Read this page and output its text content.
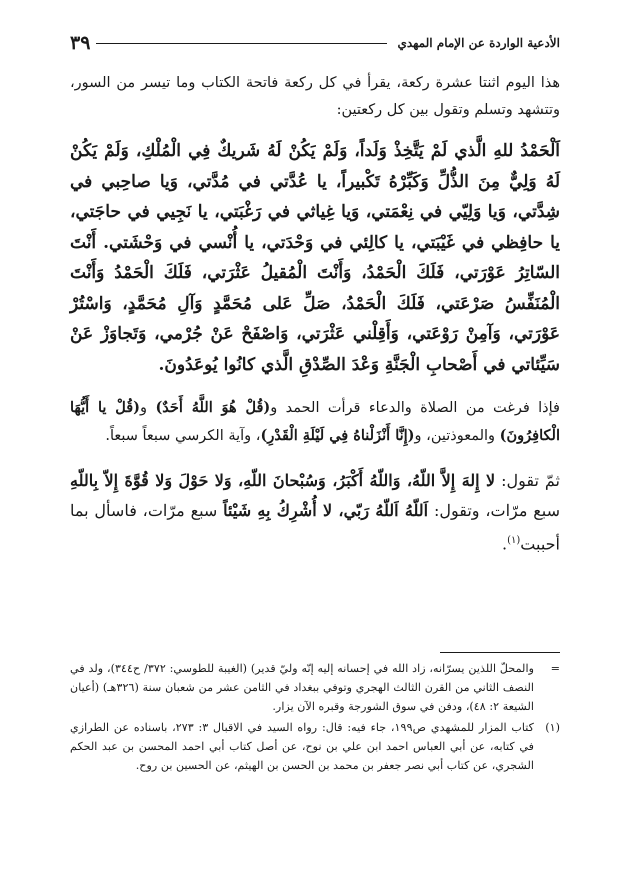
الأدعية الواردة عن الإمام المهدي
٣٩

هذا اليوم اثنتا عشرة ركعة، يقرأ في كل ركعة فاتحة الكتاب وما تيسر من السور، وتتشهد وتسلم وتقول بين كل ركعتين:

اَلْحَمْدُ للهِ الَّذي لَمْ يَتَّخِذْ وَلَداً، وَلَمْ يَكُنْ لَهُ شَريكٌ فِي الْمُلْكِ، وَلَمْ يَكُنْ لَهُ وَلِيٌّ مِنَ الذُّلِّ وَكَبِّرْهُ تَكْبيراً، يا عُدَّتي في مُدَّتي، وَيا صاحِبي في شِدَّتي، وَيا وَلِيّي في نِعْمَتي، وَيا غِياثي في رَغْبَتي، يا نَجِيي في حاجَتي، يا حافِظي في غَيْبَتي، يا كالِئي في وَحْدَتي، يا أُنْسي في وَحْشَتي. أَنْتَ السّاتِرُ عَوْرَتي، فَلَكَ الْحَمْدُ، وَأَنْتَ الْمُقيلُ عَثْرَتي، فَلَكَ الْحَمْدُ وَأَنْتَ الْمُنَفِّسُ صَرْعَتي، فَلَكَ الْحَمْدُ، صَلِّ عَلى مُحَمَّدٍ وَآلِ مُحَمَّدٍ، وَاسْتُرْ عَوْرَتي، وَآمِنْ رَوْعَتي، وَأَقِلْني عَثْرَتي، وَاصْفَحْ عَنْ جُرْمي، وَتَجاوَزْ عَنْ سَيِّئاتي في أَصْحابِ الْجَنَّةِ وَعْدَ الصِّدْقِ الَّذي كانُوا يُوعَدُونَ.

فإذا فرغت من الصلاة والدعاء قرأت الحمد و(قُلْ هُوَ اللَّهُ أَحَدٌ) و(قُلْ يا أَيُّهَا الْكافِرُونَ) والمعوذتين، و(إِنَّا أَنْزَلْناهُ فِي لَيْلَةِ الْقَدْرِ)، وآية الكرسي سبعاً سبعاً.

ثمّ تقول: لا إِلهَ إِلاَّ اللّهُ، وَاللّهُ أَكْبَرُ، وَسُبْحانَ اللّهِ، وَلا حَوْلَ وَلا قُوَّةَ إِلاّ بِاللّهِ سبع مرّات، وتقول: اَللّهُ اَللّهُ رَبّي، لا أُشْرِكُ بِهِ شَيْئاً سبع مرّات، فاسأل بما أحببت$^{(١)}$.

=
والمحلّ اللذين يسرّانه، زاد الله في إحسانه إليه إنّه وليّ قدير) (الغيبة للطوسي: ٣٧٢/ ح٣٤٤)، ولد في النصف الثاني من القرن الثالث الهجري وتوفي ببغداد في الثامن عشر من شعبان سنة (٣٢٦هـ) (أعيان الشيعة ٢: ٤٨)، ودفن في سوق الشورجة وقبره الآن يزار.
(١)
كتاب المزار للمشهدي ص١٩٩، جاء فيه: قال: رواه السيد في الاقبال ٣: ٢٧٣، باسناده عن الطرازي في كتابه، عن أبي العباس احمد ابن علي بن نوح، عن أصل كتاب أبي احمد المحسن بن عبد الحكم الشجري، عن كتاب أبي نصر جعفر بن محمد بن الحسن بن الهيثم، عن الحسين بن روح.
